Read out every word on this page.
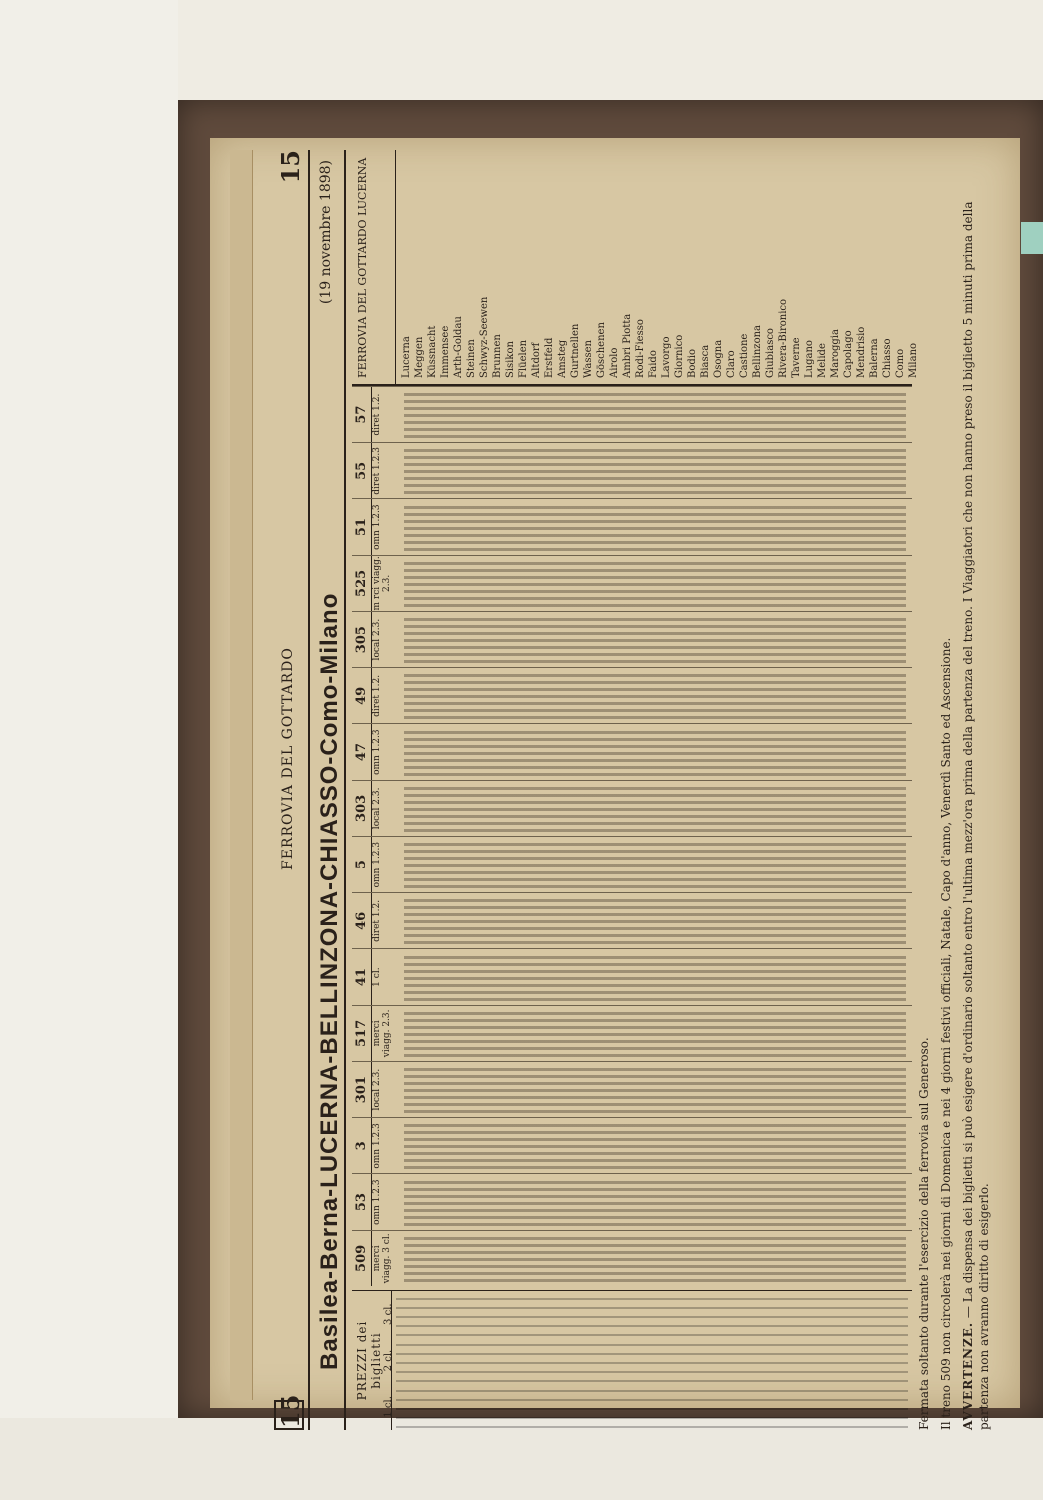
15
15
FERROVIA DEL GOTTARDO Basilea-Berna-LUCERNA-BELLINZONA-CHIASSO-Como-Milano
(19 novembre 1898)
PREZZI dei biglietti
1 cl.
2 cl.
3 cl.
509 merci viagg. 3 cl.
53 omn 1.2.3
3 omn 1.2.3
301 local 2.3.
517 merci viagg. 2.3.
41 1 cl.
46 diret 1.2.
5 omn 1.2.3
303 local 2.3.
47 omn 1.2.3
49 diret 1.2.
305 local 2.3.
525 m rci viagg. 2.3.
51 omn 1.2.3
55 diret 1.2.3
57 diret 1.2.
FERROVIA DEL GOTTARDO LUCERNA	Lucerna Meggen Küssnacht Immensee Arth-Goldau Steinen Schwyz-Seewen Brunnen Sisikon Flüelen Altdorf Erstfeld Amsteg Gurtnellen Wassen Göschenen Airolo Ambri Piotta Rodi-Fiesso Faido Lavorgo Giornico Bodio Biasca Osogna Claro Castione Bellinzona Giubiasco Rivera-Bironico Taverne Lugano Melide Maroggia Capolago Mendrisio Balerna Chiasso Como Milano

Fermata soltanto durante l'esercizio della ferrovia sul Generoso. Il treno 509 non circolerà nei giorni di Domenica e nei 4 giorni festivi officiali, Natale, Capo d'anno, Venerdì Santo ed Ascensione. AVVERTENZE. — La dispensa dei biglietti si può esigere d'ordinario soltanto entro l'ultima mezz'ora prima della partenza del treno. I Viaggiatori che non hanno preso il biglietto 5 minuti prima della partenza non avranno diritto di esigerlo.
